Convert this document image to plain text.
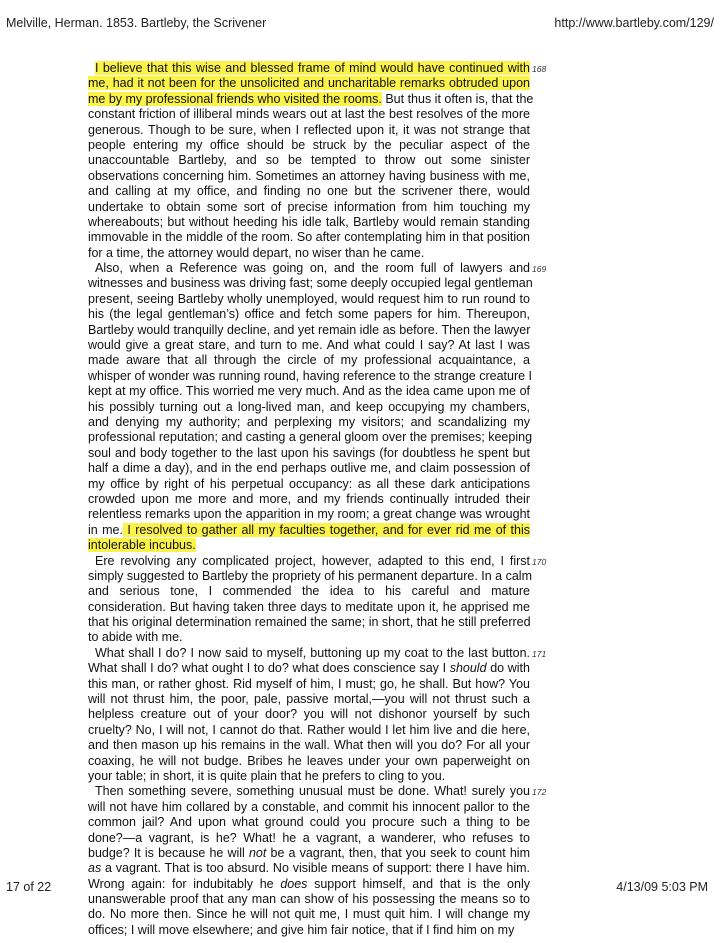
Melville, Herman. 1853. Bartleby, the Scrivener	http://www.bartleby.com/129/
168
I believe that this wise and blessed frame of mind would have continued with
me, had it not been for the unsolicited and uncharitable remarks obtruded upon
me by my professional friends who visited the rooms. But thus it often is, that the
constant friction of illiberal minds wears out at last the best resolves of the more
generous. Though to be sure, when I reflected upon it, it was not strange that
people entering my office should be struck by the peculiar aspect of the
unaccountable Bartleby, and so be tempted to throw out some sinister
observations concerning him. Sometimes an attorney having business with me,
and calling at my office, and finding no one but the scrivener there, would
undertake to obtain some sort of precise information from him touching my
whereabouts; but without heeding his idle talk, Bartleby would remain standing
immovable in the middle of the room. So after contemplating him in that position
for a time, the attorney would depart, no wiser than he came.
169
Also, when a Reference was going on, and the room full of lawyers and
witnesses and business was driving fast; some deeply occupied legal gentleman
present, seeing Bartleby wholly unemployed, would request him to run round to
his (the legal gentleman’s) office and fetch some papers for him. Thereupon,
Bartleby would tranquilly decline, and yet remain idle as before. Then the lawyer
would give a great stare, and turn to me. And what could I say? At last I was
made aware that all through the circle of my professional acquaintance, a
whisper of wonder was running round, having reference to the strange creature I
kept at my office. This worried me very much. And as the idea came upon me of
his possibly turning out a long-lived man, and keep occupying my chambers,
and denying my authority; and perplexing my visitors; and scandalizing my
professional reputation; and casting a general gloom over the premises; keeping
soul and body together to the last upon his savings (for doubtless he spent but
half a dime a day), and in the end perhaps outlive me, and claim possession of
my office by right of his perpetual occupancy: as all these dark anticipations
crowded upon me more and more, and my friends continually intruded their
relentless remarks upon the apparition in my room; a great change was wrought
in me. I resolved to gather all my faculties together, and for ever rid me of this
intolerable incubus.
170
Ere revolving any complicated project, however, adapted to this end, I first
simply suggested to Bartleby the propriety of his permanent departure. In a calm
and serious tone, I commended the idea to his careful and mature
consideration. But having taken three days to meditate upon it, he apprised me
that his original determination remained the same; in short, that he still preferred
to abide with me.
171
What shall I do? I now said to myself, buttoning up my coat to the last button.
What shall I do? what ought I to do? what does conscience say I should do with
this man, or rather ghost. Rid myself of him, I must; go, he shall. But how? You
will not thrust him, the poor, pale, passive mortal,—you will not thrust such a
helpless creature out of your door? you will not dishonor yourself by such
cruelty? No, I will not, I cannot do that. Rather would I let him live and die here,
and then mason up his remains in the wall. What then will you do? For all your
coaxing, he will not budge. Bribes he leaves under your own paperweight on
your table; in short, it is quite plain that he prefers to cling to you.
172
Then something severe, something unusual must be done. What! surely you
will not have him collared by a constable, and commit his innocent pallor to the
common jail? And upon what ground could you procure such a thing to be
done?—a vagrant, is he? What! he a vagrant, a wanderer, who refuses to
budge? It is because he will not be a vagrant, then, that you seek to count him
as a vagrant. That is too absurd. No visible means of support: there I have him.
Wrong again: for indubitably he does support himself, and that is the only
unanswerable proof that any man can show of his possessing the means so to
do. No more then. Since he will not quit me, I must quit him. I will change my
offices; I will move elsewhere; and give him fair notice, that if I find him on my
17 of 22	4/13/09 5:03 PM
